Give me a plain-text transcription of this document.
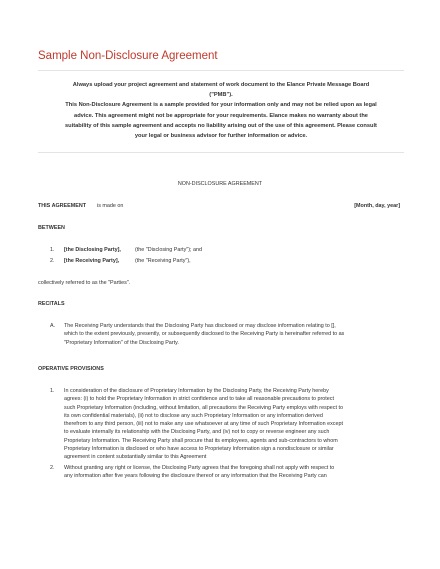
Sample Non-Disclosure Agreement
Always upload your project agreement and statement of work document to the Elance Private Message Board
("PMB").
This Non-Disclosure Agreement is a sample provided for your information only and may not be relied upon as legal
advice. This agreement might not be appropriate for your requirements. Elance makes no warranty about the
suitability of this sample agreement and accepts no liability arising out of the use of this agreement. Please consult
your legal or business advisor for further information or advice.
NON-DISCLOSURE AGREEMENT
THIS AGREEMENT is made on	[Month, day, year]
BETWEEN
1. [the Disclosing Party],	(the "Disclosing Party"); and
2. [the Receiving Party],	(the "Receiving Party"),
collectively referred to as the "Parties".
RECITALS
A. The Receiving Party understands that the Disclosing Party has disclosed or may disclose information relating to [],
which to the extent previously, presently, or subsequently disclosed to the Receiving Party is hereinafter referred to as
"Proprietary Information" of the Disclosing Party.
OPERATIVE PROVISIONS
1. In consideration of the disclosure of Proprietary Information by the Disclosing Party, the Receiving Party hereby
agrees: (i) to hold the Proprietary Information in strict confidence and to take all reasonable precautions to protect
such Proprietary Information (including, without limitation, all precautions the Receiving Party employs with respect to
its own confidential materials), (ii) not to disclose any such Proprietary Information or any information derived
therefrom to any third person, (iii) not to make any use whatsoever at any time of such Proprietary Information except
to evaluate internally its relationship with the Disclosing Party, and (iv) not to copy or reverse engineer any such
Proprietary Information. The Receiving Party shall procure that its employees, agents and sub-contractors to whom
Proprietary Information is disclosed or who have access to Proprietary Information sign a nondisclosure or similar
agreement in content substantially similar to this Agreement
2. Without granting any right or license, the Disclosing Party agrees that the foregoing shall not apply with respect to
any information after five years following the disclosure thereof or any information that the Receiving Party can
